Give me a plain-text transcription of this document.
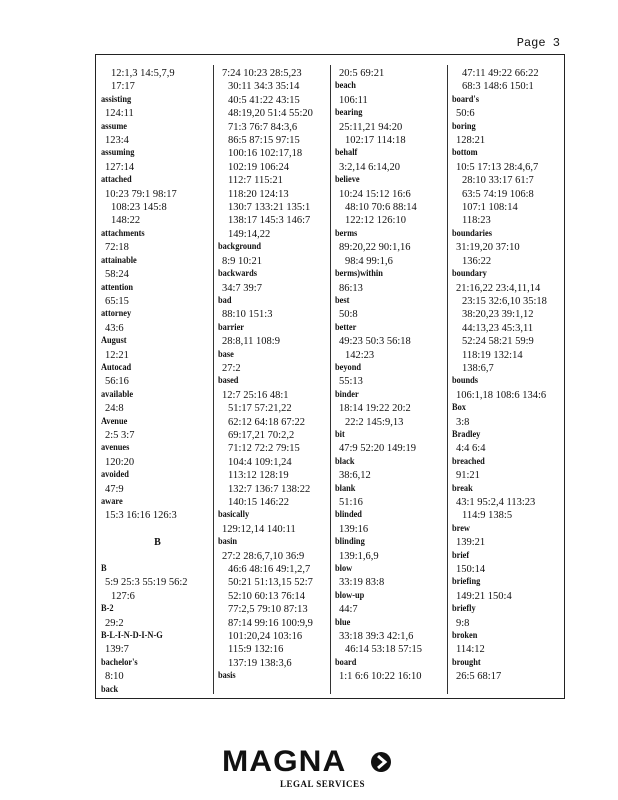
Page 3
12:1,3 14:5,7,9
17:17
assisting
124:11
assume
123:4
assuming
127:14
attached
10:23 79:1 98:17
108:23 145:8
148:22
attachments
72:18
attainable
58:24
attention
65:15
attorney
43:6
August
12:21
Autocad
56:16
available
24:8
Avenue
2:5 3:7
avenues
120:20
avoided
47:9
aware
15:3 16:16 126:3

B

B
5:9 25:3 55:19 56:2
127:6
B-2
29:2
B-L-I-N-D-I-N-G
139:7
bachelor's
8:10
back
7:24 10:23 28:5,23
30:11 34:3 35:14
40:5 41:22 43:15
48:19,20 51:4 55:20
71:3 76:7 84:3,6
86:5 87:15 97:15
100:16 102:17,18
102:19 106:24
112:7 115:21
118:20 124:13
130:7 133:21 135:1
138:17 145:3 146:7
149:14,22
background
8:9 10:21
backwards
34:7 39:7
bad
88:10 151:3
barrier
28:8,11 108:9
base
27:2
based
12:7 25:16 48:1
51:17 57:21,22
62:12 64:18 67:22
69:17,21 70:2,2
71:12 72:2 79:15
104:4 109:1,24
113:12 128:19
132:7 136:7 138:22
140:15 146:22
basically
129:12,14 140:11
basin
27:2 28:6,7,10 36:9
46:6 48:16 49:1,2,7
50:21 51:13,15 52:7
52:10 60:13 76:14
77:2,5 79:10 87:13
87:14 99:16 100:9,9
101:20,24 103:16
115:9 132:16
137:19 138:3,6
basis
20:5 69:21
beach
106:11
bearing
25:11,21 94:20
102:17 114:18
behalf
3:2,14 6:14,20
believe
10:24 15:12 16:6
48:10 70:6 88:14
122:12 126:10
berms
89:20,22 90:1,16
98:4 99:1,6
berms)within
86:13
best
50:8
better
49:23 50:3 56:18
142:23
beyond
55:13
binder
18:14 19:22 20:2
22:2 145:9,13
bit
47:9 52:20 149:19
black
38:6,12
blank
51:16
blinded
139:16
blinding
139:1,6,9
blow
33:19 83:8
blow-up
44:7
blue
33:18 39:3 42:1,6
46:14 53:18 57:15
board
1:1 6:6 10:22 16:10
47:11 49:22 66:22
68:3 148:6 150:1
board's
50:6
boring
128:21
bottom
10:5 17:13 28:4,6,7
28:10 33:17 61:7
63:5 74:19 106:8
107:1 108:14
118:23
boundaries
31:19,20 37:10
136:22
boundary
21:16,22 23:4,11,14
23:15 32:6,10 35:18
38:20,23 39:1,12
44:13,23 45:3,11
52:24 58:21 59:9
118:19 132:14
138:6,7
bounds
106:1,18 108:6 134:6
Box
3:8
Bradley
4:4 6:4
breached
91:21
break
43:1 95:2,4 113:23
114:9 138:5
brew
139:21
brief
150:14
briefing
149:21 150:4
briefly
9:8
broken
114:12
brought
26:5 68:17
MAGNA
LEGAL SERVICES
